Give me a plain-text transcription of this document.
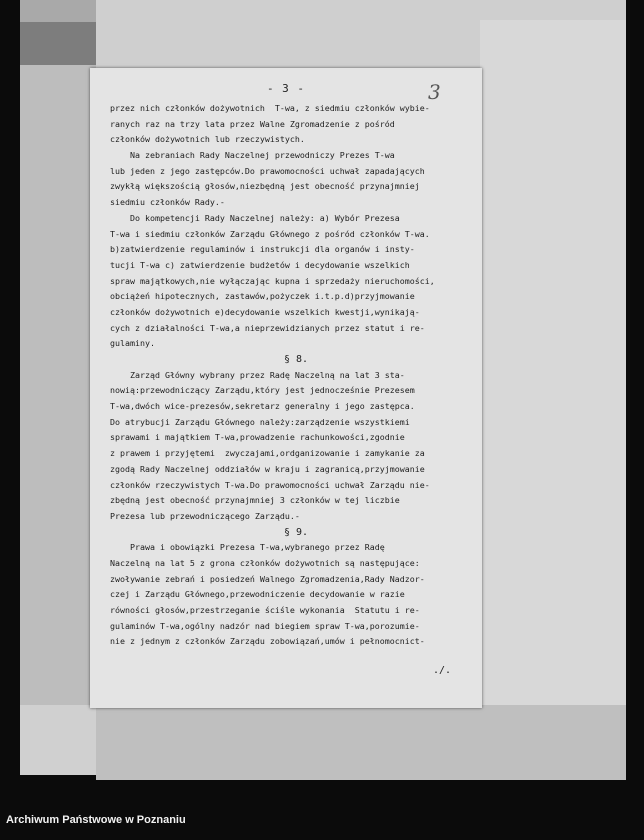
- 3 -	3
przez nich członków dożywotnich  T-wa, z siedmiu członków wybie-
ranych raz na trzy lata przez Walne Zgromadzenie z pośród
członków dożywotnich lub rzeczywistych.
Na zebraniach Rady Naczelnej przewodniczy Prezes T-wa
lub jeden z jego zastępców.Do prawomocności uchwał zapadających
zwykłą większością głosów,niezbędną jest obecność przynajmniej
siedmiu członków Rady.-
Do kompetencji Rady Naczelnej należy: a) Wybór Prezesa
T-wa i siedmiu członków Zarządu Głównego z pośród członków T-wa.
b)zatwierdzenie regulaminów i instrukcji dla organów i insty-
tucji T-wa c) zatwierdzenie budżetów i decydowanie wszelkich
spraw majątkowych,nie wyłączając kupna i sprzedaży nieruchomości,
obciążeń hipotecznych, zastawów,pożyczek i.t.p.d)przyjmowanie
członków dożywotnich e)decydowanie wszelkich kwestji,wynikają-
cych z działalności T-wa,a nieprzewidzianych przez statut i re-
gulaminy.
§ 8.
Zarząd Główny wybrany przez Radę Naczelną na lat 3 sta-
nowią:przewodniczący Zarządu,który jest jednocześnie Prezesem
T-wa,dwóch wice-prezesów,sekretarz generalny i jego zastępca.
Do atrybucji Zarządu Głównego należy:zarządzenie wszystkiemi
sprawami i majątkiem T-wa,prowadzenie rachunkowości,zgodnie
z prawem i przyjętemi  zwyczajami,ordganizowanie i zamykanie za
zgodą Rady Naczelnej oddziałów w kraju i zagranicą,przyjmowanie
członków rzeczywistych T-wa.Do prawomocności uchwał Zarządu nie-
zbędną jest obecność przynajmniej 3 członków w tej liczbie
Prezesa lub przewodniczącego Zarządu.-
§ 9.
Prawa i obowiązki Prezesa T-wa,wybranego przez Radę
Naczelną na lat 5 z grona członków dożywotnich są następujące:
zwoływanie zebrań i posiedzeń Walnego Zgromadzenia,Rady Nadzor-
czej i Zarządu Głównego,przewodniczenie decydowanie w razie
równości głosów,przestrzeganie ściśle wykonania  Statutu i re-
gulaminów T-wa,ogólny nadzór nad biegiem spraw T-wa,porozumie-
nie z jednym z członków Zarządu zobowiązań,umów i pełnomocnict-
./.
Archiwum Państwowe w Poznaniu
